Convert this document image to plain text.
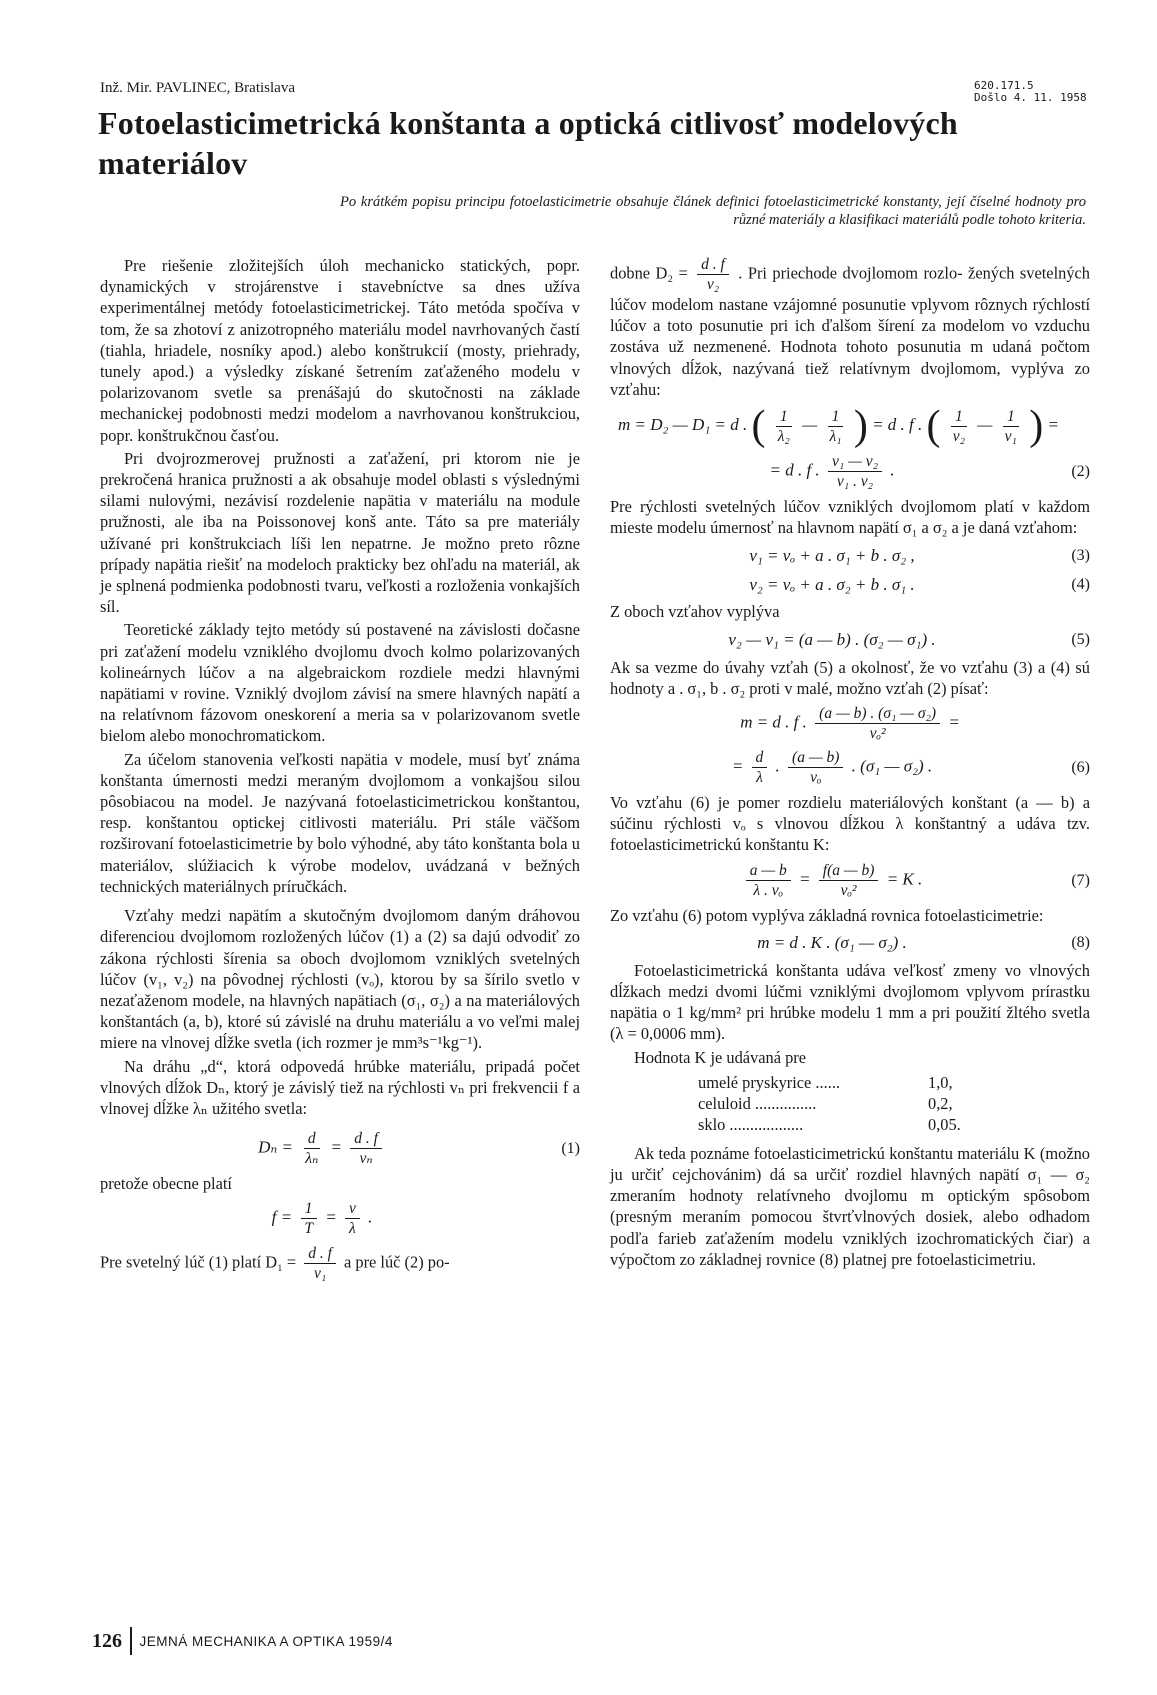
Inž. Mir. PAVLINEC, Bratislava	620.171.5
Došlo 4. 11. 1958
Fotoelasticimetrická konštanta a optická citlivosť modelových materiálov
Po krátkém popisu principu fotoelasticimetrie obsahuje článek definici fotoelasticimetrické konstanty, její číselné hodnoty pro různé materiály a klasifikaci materiálů podle tohoto kriteria.

Pre riešenie zložitejších úloh mechanicko statických, popr. dynamických v strojárenstve i stavebníctve sa dnes užíva experimentálnej metódy fotoelasticimetrickej. Táto metóda spočíva v tom, že sa zhotoví z anizotropného materiálu model navrhovaných častí (tiahla, hriadele, nosníky apod.) alebo konštrukcií (mosty, priehrady, tunely apod.) a výsledky získané šetrením zaťaženého modelu v polarizovanom svetle sa prenášajú do skutočnosti na základe mechanickej podobnosti medzi modelom a navrhovanou konštrukciou, popr. konštrukčnou časťou.

Pri dvojrozmerovej pružnosti a zaťažení, pri ktorom nie je prekročená hranica pružnosti a ak obsahuje model oblasti s výslednými silami nulovými, nezávisí rozdelenie napätia v materiálu na module pružnosti, ale iba na Poissonovej konš ante. Táto sa pre materiály užívané pri konštrukciach líši len nepatrne. Je možno preto rôzne prípady napätia riešiť na modeloch prakticky bez ohľadu na materiál, ak je splnená podmienka podobnosti tvaru, veľkosti a rozloženia vonkajších síl.

Teoretické základy tejto metódy sú postavené na závislosti dočasne pri zaťažení modelu vzniklého dvojlomu dvoch kolmo polarizovaných kolineárnych lúčov a na algebraickom rozdiele medzi hlavnými napätiami v rovine. Vzniklý dvojlom závisí na smere hlavných napätí a na relatívnom fázovom oneskorení a meria sa v polarizovanom svetle bielom alebo monochromatickom.

Za účelom stanovenia veľkosti napätia v modele, musí byť známa konštanta úmernosti medzi meraným dvojlomom a vonkajšou silou pôsobiacou na model. Je nazývaná fotoelasticimetrickou konštantou, resp. konštantou optickej citlivosti materiálu. Pri stále väčšom rozširovaní fotoelasticimetrie by bolo výhodné, aby táto konštanta bola u materiálov, slúžiacich k výrobe modelov, uvádzaná v bežných technických materiálnych príručkách.

Vzťahy medzi napätím a skutočným dvojlomom daným dráhovou diferenciou dvojlomom rozložených lúčov (1) a (2) sa dajú odvodiť zo zákona rýchlosti šírenia sa oboch dvojlomom vzniklých svetelných lúčov (v₁, v₂) na pôvodnej rýchlosti (vₒ), ktorou by sa šírilo svetlo v nezaťaženom modele, na hlavných napätiach (σ₁, σ₂) a na materiálových konštantách (a, b), ktoré sú závislé na druhu materiálu a vo veľmi malej miere na vlnovej dĺžke svetla (ich rozmer je mm³s⁻¹kg⁻¹).

Na dráhu „d“, ktorá odpovedá hrúbke materiálu, pripadá počet vlnových dĺžok Dₙ, ktorý je závislý tiež na rýchlosti vₙ pri frekvencii f a vlnovej dĺžke λₙ užitého svetla:

$D_n = \frac{d}{\text{λₙ}} = \frac{d . f}{\text{vₙ}}$	(1)

pretože obecne platí

$f = \frac{1}{T} = \frac{v}{\lambda}$ .

Pre svetelný lúč (1) platí $D_1 = \frac{d . f}{\text{v₁}}$ a pre lúč (2) po-

dobne $D_2 = \frac{d . f}{\text{v₂}}$ . Pri priechode dvojlomom rozlo- žených svetelných lúčov modelom nastane vzájomné posunutie vplyvom rôznych rýchlostí lúčov a toto posunutie pri ich ďalšom šírení za modelom vo vzduchu zostáva už nezmenené. Hodnota tohoto posunutia m udaná počtom vlnových dĺžok, nazývaná tiež relatívnym dvojlomom, vyplýva zo vzťahu:

m = D₂ — D₁ = d . ( $\frac{1}{\text{λ₂}}$ — $\frac{1}{\text{λ₁}}$ ) = d . f . ( $\frac{1}{\text{v₂}}$ — $\frac{1}{\text{v₁}}$ ) =
= d . f . $\frac{\text{v₁ — v₂}}{\text{v₁ . v₂}}$ .	(2)

Pre rýchlosti svetelných lúčov vzniklých dvojlomom platí v každom mieste modelu úmernosť na hlavnom napätí σ₁ a σ₂ a je daná vzťahom:

v₁ = vₒ + a . σ₁ + b . σ₂ ,	(3)
v₂ = vₒ + a . σ₂ + b . σ₁ .	(4)

Z oboch vzťahov vyplýva

v₂ — v₁ = (a — b) . (σ₂ — σ₁) .	(5)

Ak sa vezme do úvahy vzťah (5) a okolnosť, že vo vzťahu (3) a (4) sú hodnoty a . σ₁, b . σ₂ proti v malé, možno vzťah (2) písať:

m = d . f . $\frac{\text{(a — b) . (σ₁ — σ₂)}}{\text{vₒ²}}$ =
= $\frac{d}{\lambda}$ . $\frac{(a — b)}{\text{vₒ}}$ . (σ₁ — σ₂) .	(6)

Vo vzťahu (6) je pomer rozdielu materiálových konštant (a — b) a súčinu rýchlosti vₒ s vlnovou dĺžkou λ konštantný a udáva tzv. fotoelasticimetrickú konštantu K:

$\frac{a — b}{\text{λ . vₒ}} = \frac{f(a — b)}{\text{vₒ²}} = K$ .	(7)

Zo vzťahu (6) potom vyplýva základná rovnica fotoelasticimetrie:

m = d . K . (σ₁ — σ₂) .	(8)

Fotoelasticimetrická konštanta udáva veľkosť zmeny vo vlnových dĺžkach medzi dvomi lúčmi vzniklými dvojlomom vplyvom prírastku napätia o 1 kg/mm² pri hrúbke modelu 1 mm a pri použití žltého svetla (λ = 0,0006 mm).

Hodnota K je udávaná pre

umelé pryskyrice ......	1,0,
celuloid ...............	0,2,
sklo ..................	0,05.

Ak teda poznáme fotoelasticimetrickú konštantu materiálu K (možno ju určiť cejchovánim) dá sa určiť rozdiel hlavných napätí σ₁ — σ₂ zmeraním hodnoty relatívneho dvojlomu m optickým spôsobom (presným meraním pomocou štvrťvlnových dosiek, alebo odhadom podľa farieb zaťažením modelu vzniklých izochromatických čiar) a výpočtom zo základnej rovnice (8) platnej pre fotoelasticimetriu.

126	JEMNÁ MECHANIKA A OPTIKA 1959/4
